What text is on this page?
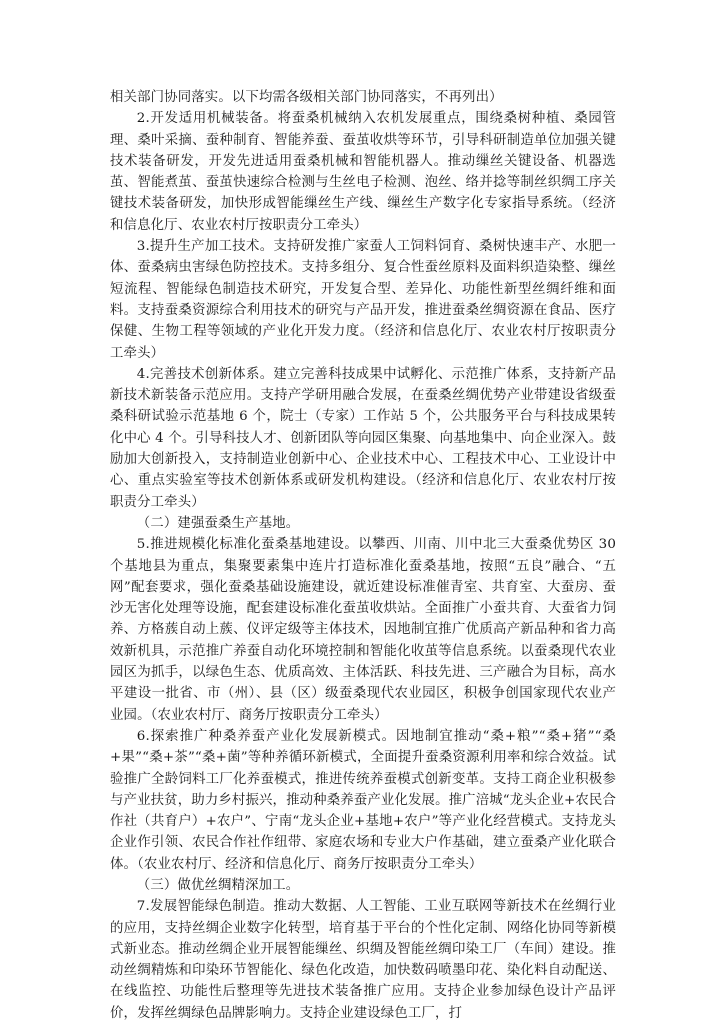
相关部门协同落实。以下均需各级相关部门协同落实，不再列出）

2.开发适用机械装备。将蚕桑机械纳入农机发展重点，围绕桑树种植、桑园管理、桑叶采摘、蚕种制育、智能养蚕、蚕茧收烘等环节，引导科研制造单位加强关键技术装备研发，开发先进适用蚕桑机械和智能机器人。推动缫丝关键设备、机器选茧、智能煮茧、蚕茧快速综合检测与生丝电子检测、泡丝、络并捻等制丝织绸工序关键技术装备研发，加快形成智能缫丝生产线、缫丝生产数字化专家指导系统。（经济和信息化厅、农业农村厅按职责分工牵头）

3.提升生产加工技术。支持研发推广家蚕人工饲料饲育、桑树快速丰产、水肥一体、蚕桑病虫害绿色防控技术。支持多组分、复合性蚕丝原料及面料织造染整、缫丝短流程、智能绿色制造技术研究，开发复合型、差异化、功能性新型丝绸纤维和面料。支持蚕桑资源综合利用技术的研究与产品开发，推进蚕桑丝绸资源在食品、医疗保健、生物工程等领域的产业化开发力度。（经济和信息化厅、农业农村厅按职责分工牵头）

4.完善技术创新体系。建立完善科技成果中试孵化、示范推广体系，支持新产品新技术新装备示范应用。支持产学研用融合发展，在蚕桑丝绸优势产业带建设省级蚕桑科研试验示范基地 6 个，院士（专家）工作站 5 个，公共服务平台与科技成果转化中心 4 个。引导科技人才、创新团队等向园区集聚、向基地集中、向企业深入。鼓励加大创新投入，支持制造业创新中心、企业技术中心、工程技术中心、工业设计中心、重点实验室等技术创新体系或研发机构建设。（经济和信息化厅、农业农村厅按职责分工牵头）

（二）建强蚕桑生产基地。

5.推进规模化标准化蚕桑基地建设。以攀西、川南、川中北三大蚕桑优势区 30 个基地县为重点，集聚要素集中连片打造标准化蚕桑基地，按照“五良”融合、“五网”配套要求，强化蚕桑基础设施建设，就近建设标准催青室、共育室、大蚕房、蚕沙无害化处理等设施，配套建设标准化蚕茧收烘站。全面推广小蚕共育、大蚕省力饲养、方格蔟自动上蔟、仪评定级等主体技术，因地制宜推广优质高产新品种和省力高效新机具，示范推广养蚕自动化环境控制和智能化收茧等信息系统。以蚕桑现代农业园区为抓手，以绿色生态、优质高效、主体活跃、科技先进、三产融合为目标，高水平建设一批省、市（州）、县（区）级蚕桑现代农业园区，积极争创国家现代农业产业园。（农业农村厅、商务厅按职责分工牵头）

6.探索推广种桑养蚕产业化发展新模式。因地制宜推动“桑+粮”“桑+猪”“桑+果”“桑+茶”“桑+菌”等种养循环新模式，全面提升蚕桑资源利用率和综合效益。试验推广全龄饲料工厂化养蚕模式，推进传统养蚕模式创新变革。支持工商企业积极参与产业扶贫，助力乡村振兴，推动种桑养蚕产业化发展。推广涪城“龙头企业+农民合作社（共育户）+农户”、宁南“龙头企业+基地+农户”等产业化经营模式。支持龙头企业作引领、农民合作社作纽带、家庭农场和专业大户作基础，建立蚕桑产业化联合体。（农业农村厅、经济和信息化厅、商务厅按职责分工牵头）

（三）做优丝绸精深加工。

7.发展智能绿色制造。推动大数据、人工智能、工业互联网等新技术在丝绸行业的应用，支持丝绸企业数字化转型，培育基于平台的个性化定制、网络化协同等新模式新业态。推动丝绸企业开展智能缫丝、织绸及智能丝绸印染工厂（车间）建设。推动丝绸精炼和印染环节智能化、绿色化改造，加快数码喷墨印花、染化料自动配送、在线监控、功能性后整理等先进技术装备推广应用。支持企业参加绿色设计产品评价，发挥丝绸绿色品牌影响力。支持企业建设绿色工厂，打
